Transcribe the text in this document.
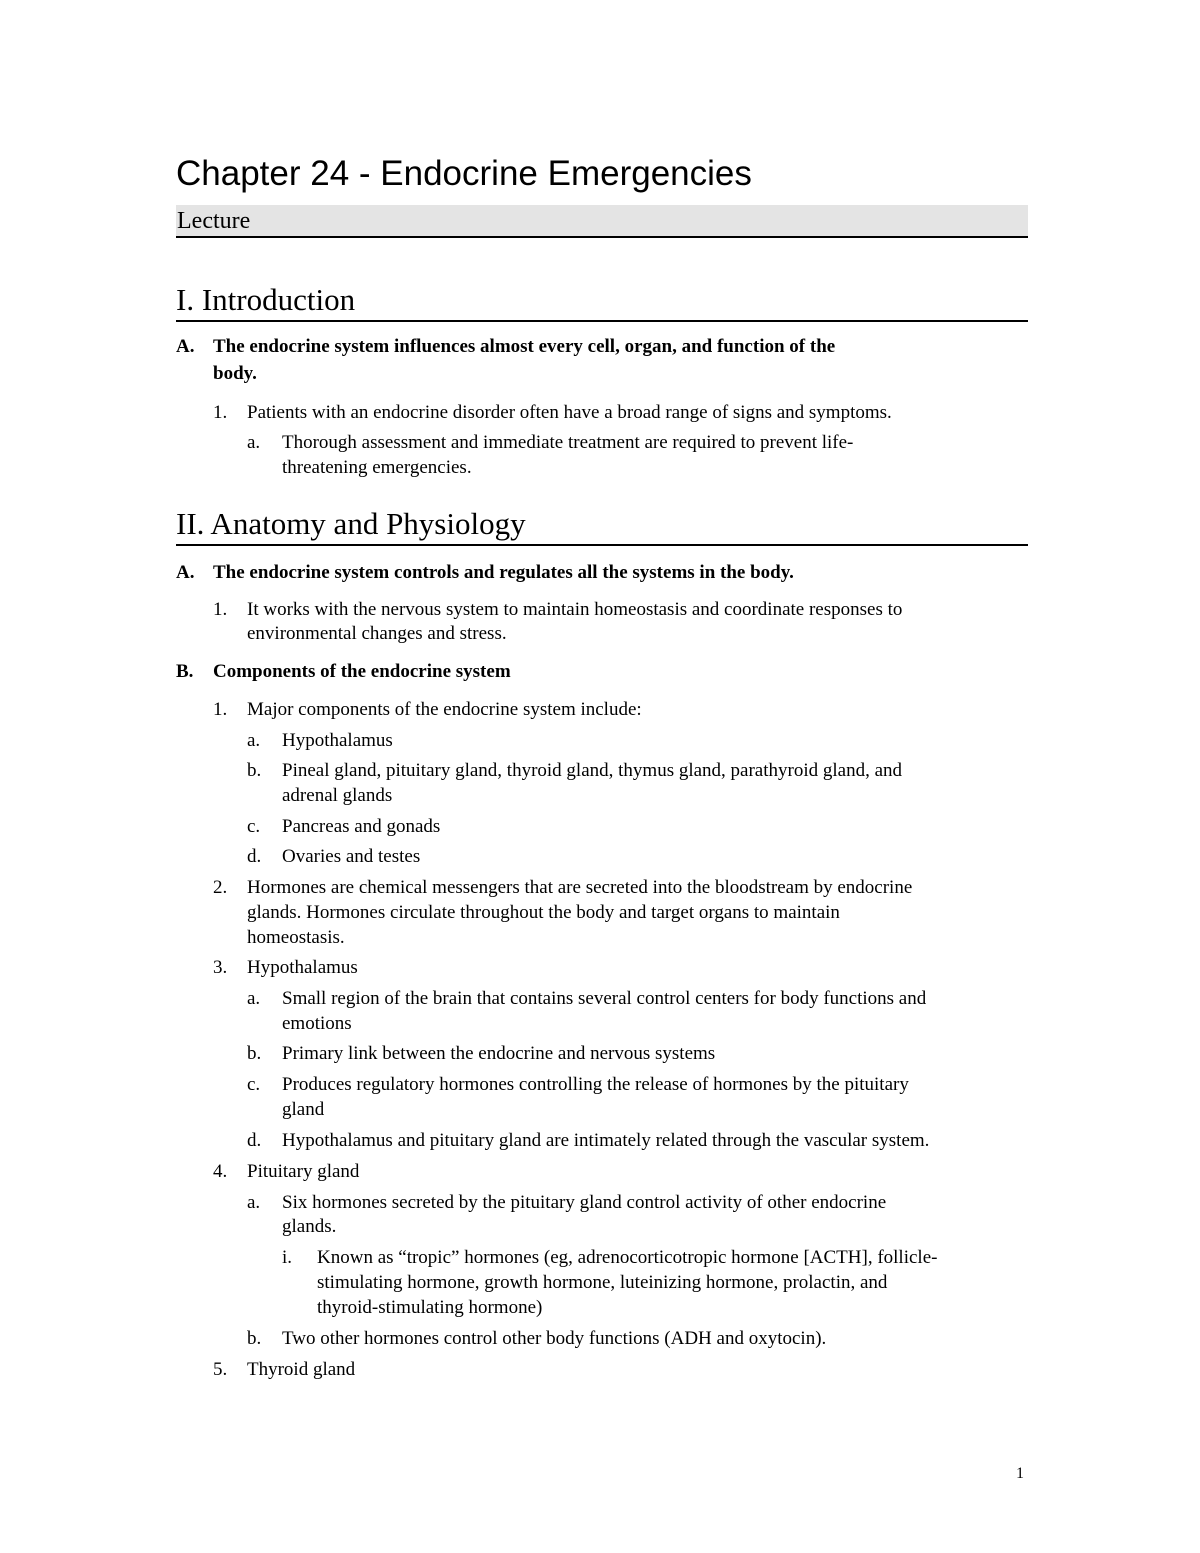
Chapter 24 - Endocrine Emergencies
Lecture
I. Introduction
A. The endocrine system influences almost every cell, organ, and function of the
body.
1. Patients with an endocrine disorder often have a broad range of signs and symptoms.
a. Thorough assessment and immediate treatment are required to prevent life-
threatening emergencies.
II. Anatomy and Physiology
A. The endocrine system controls and regulates all the systems in the body.
1. It works with the nervous system to maintain homeostasis and coordinate responses to
environmental changes and stress.
B. Components of the endocrine system
1. Major components of the endocrine system include:
a. Hypothalamus
b. Pineal gland, pituitary gland, thyroid gland, thymus gland, parathyroid gland, and
adrenal glands
c. Pancreas and gonads
d. Ovaries and testes
2. Hormones are chemical messengers that are secreted into the bloodstream by endocrine
glands. Hormones circulate throughout the body and target organs to maintain
homeostasis.
3. Hypothalamus
a. Small region of the brain that contains several control centers for body functions and
emotions
b. Primary link between the endocrine and nervous systems
c. Produces regulatory hormones controlling the release of hormones by the pituitary
gland
d. Hypothalamus and pituitary gland are intimately related through the vascular system.
4. Pituitary gland
a. Six hormones secreted by the pituitary gland control activity of other endocrine
glands.
i. Known as “tropic” hormones (eg, adrenocorticotropic hormone [ACTH], follicle-
stimulating hormone, growth hormone, luteinizing hormone, prolactin, and
thyroid-stimulating hormone)
b. Two other hormones control other body functions (ADH and oxytocin).
5. Thyroid gland
1
